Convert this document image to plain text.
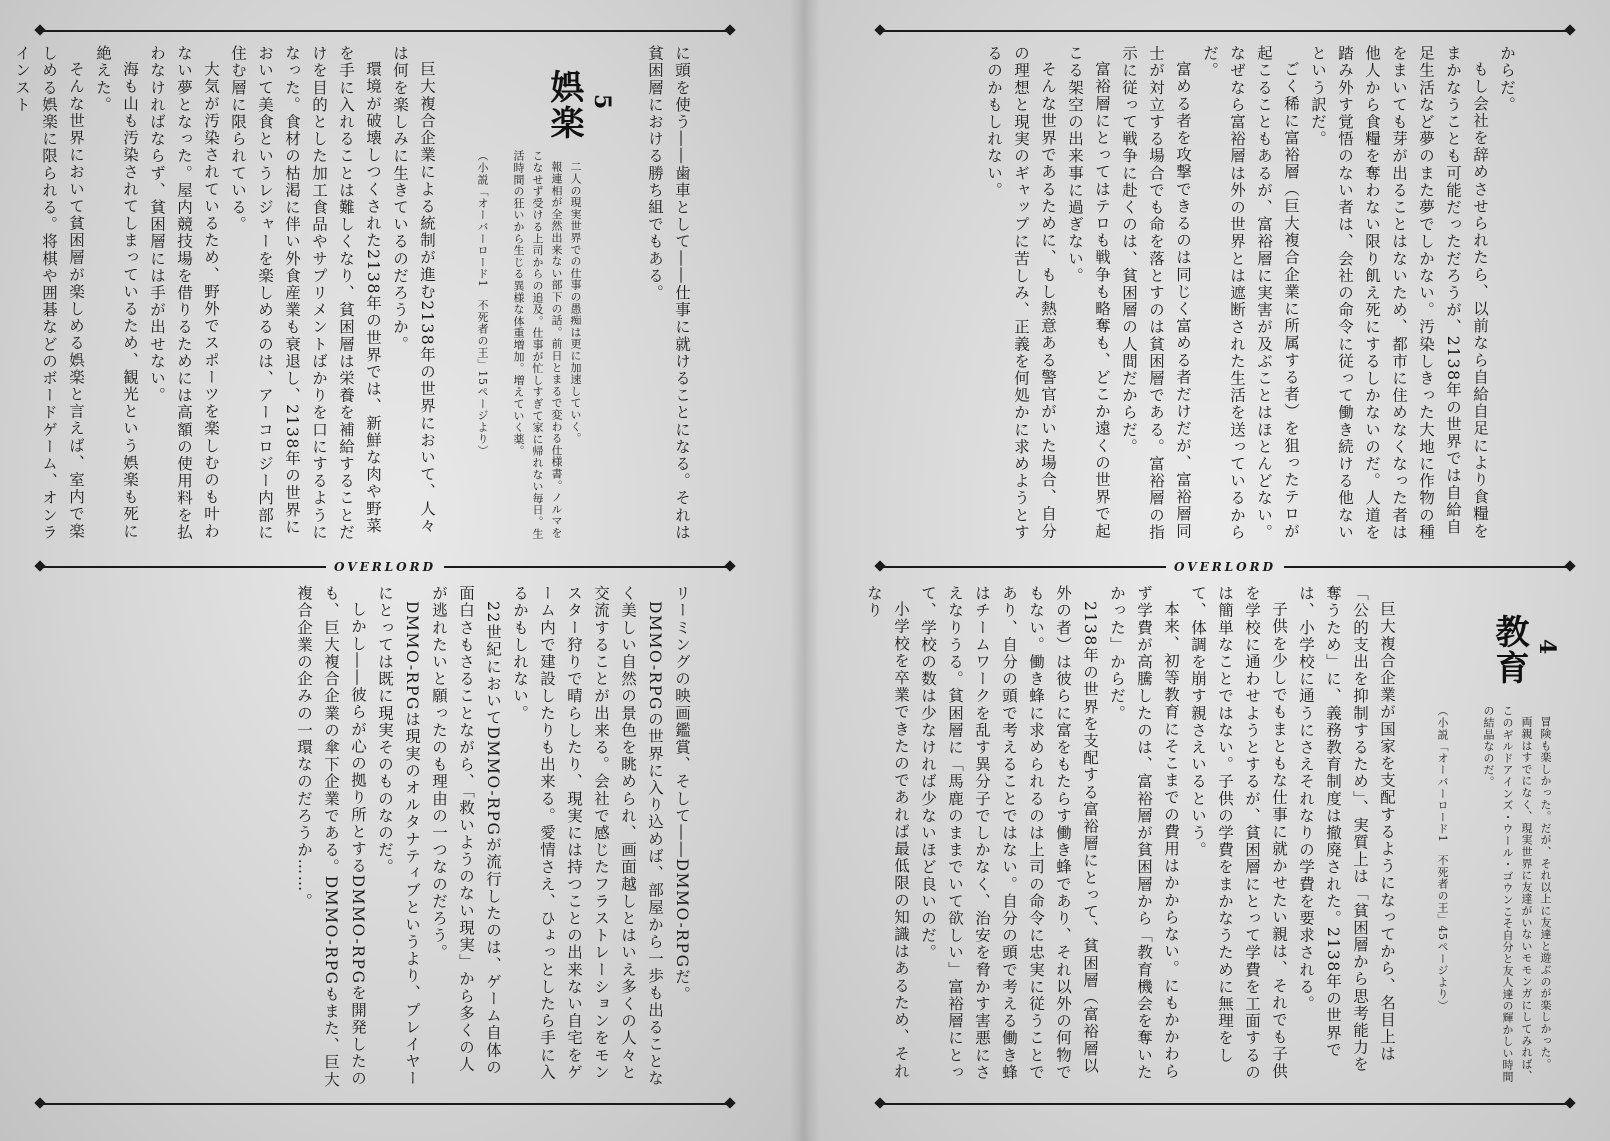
OVERLORD	OVERLORD

に頭を使う――歯車として――仕事に就けることになる。それは貧困層における勝ち組でもある。

5
娯楽

二人の現実世界での仕事の愚痴は更に加速していく。

報連相が全然出来ない部下の話。前日とまるで変わる仕様書。ノルマをこなせず受ける上司からの追及。仕事が忙しすぎて家に帰れない毎日。生活時間の狂いから生じる異様な体重増加。増えていく薬。

（小説「オーバーロード1　不死者の王」15ページより）

巨大複合企業による統制が進む2138年の世界において、人々は何を楽しみに生きているのだろうか。

環境が破壊しつくされた2138年の世界では、新鮮な肉や野菜を手に入れることは難しくなり、貧困層は栄養を補給することだけを目的とした加工食品やサプリメントばかりを口にするようになった。食材の枯渇に伴い外食産業も衰退し、2138年の世界において美食というレジャーを楽しめるのは、アーコロジー内部に住む層に限られている。

大気が汚染されているため、野外でスポーツを楽しむのも叶わない夢となった。屋内競技場を借りるためには高額の使用料を払わなければならず、貧困層には手が出せない。

海も山も汚染されてしまっているため、観光という娯楽も死に絶えた。

そんな世界において貧困層が楽しめる娯楽と言えば、室内で楽しめる娯楽に限られる。将棋や囲碁などのボードゲーム、オンラインスト

リーミングの映画鑑賞、そして――DMMO-RPGだ。

DMMO-RPGの世界に入り込めば、部屋から一歩も出ることなく美しい自然の景色を眺められ、画面越しとはいえ多くの人々と交流することが出来る。会社で感じたフラストレーションをモンスター狩りで晴らしたり、現実には持つことの出来ない自宅をゲーム内で建設したりも出来る。愛情さえ、ひょっとしたら手に入るかもしれない。

22世紀においてDMMO-RPGが流行したのは、ゲーム自体の面白さもさることながら、「救いようのない現実」から多くの人が逃れたいと願ったのも理由の一つなのだろう。

DMMO-RPGは現実のオルタナティブというより、プレイヤーにとっては既に現実そのものなのだ。

しかし――彼らが心の拠り所とするDMMO-RPGを開発したのも、巨大複合企業の傘下企業である。DMMO-RPGもまた、巨大複合企業の企みの一環なのだろうか……。

からだ。

もし会社を辞めさせられたら、以前なら自給自足により食糧をまかなうことも可能だっただろうが、2138年の世界では自給自足生活など夢のまた夢でしかない。汚染しきった大地に作物の種をまいても芽が出ることはないため、都市に住めなくなった者は他人から食糧を奪わない限り飢え死にするしかないのだ。人道を踏み外す覚悟のない者は、会社の命令に従って働き続ける他ないという訳だ。

ごく稀に富裕層（巨大複合企業に所属する者）を狙ったテロが起こることもあるが、富裕層に実害が及ぶことはほとんどない。なぜなら富裕層は外の世界とは遮断された生活を送っているからだ。

富める者を攻撃できるのは同じく富める者だけだが、富裕層同士が対立する場合でも命を落とすのは貧困層である。富裕層の指示に従って戦争に赴くのは、貧困層の人間だからだ。

富裕層にとってはテロも戦争も略奪も、どこか遠くの世界で起こる架空の出来事に過ぎない。

そんな世界であるために、もし熱意ある警官がいた場合、自分の理想と現実のギャップに苦しみ、正義を何処かに求めようとするのかもしれない。

4
教育

冒険も楽しかった。だが、それ以上に友達と遊ぶのが楽しかった。

両親はすでになく、現実世界に友達がいないモモンガにしてみれば、このギルドアインズ・ウール・ゴウンこそ自分と友人達の輝かしい時間の結晶なのだ。

（小説「オーバーロード1　不死者の王」45ページより）

巨大複合企業が国家を支配するようになってから、名目上は「公的支出を抑制するため」、実質上は「貧困層から思考能力を奪うため」に、義務教育制度は撤廃された。2138年の世界では、小学校に通うにさえそれなりの学費を要求される。

子供を少しでもまともな仕事に就かせたい親は、それでも子供を学校に通わせようとするが、貧困層にとって学費を工面するのは簡単なことではない。子供の学費をまかなうために無理をして、体調を崩す親さえいるという。

本来、初等教育にそこまでの費用はかからない。にもかかわらず学費が高騰したのは、富裕層が貧困層から「教育機会を奪いたかった」からだ。

2138年の世界を支配する富裕層にとって、貧困層（富裕層以外の者）は彼らに富をもたらす働き蜂であり、それ以外の何物でもない。働き蜂に求められるのは上司の命令に忠実に従うことであり、自分の頭で考えることではない。自分の頭で考える働き蜂はチームワークを乱す異分子でしかなく、治安を脅かす害悪にさえなりうる。貧困層に「馬鹿のままでいて欲しい」富裕層にとって、学校の数は少なければ少ないほど良いのだ。

小学校を卒業できたのであれば最低限の知識はあるため、それなり
